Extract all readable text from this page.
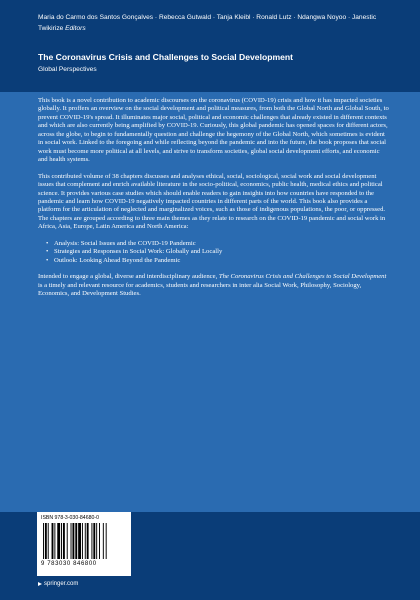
Maria do Carmo dos Santos Gonçalves · Rebecca Gutwald · Tanja Kleibl · Ronald Lutz · Ndangwa Noyoo · Janestic Twikirize Editors
The Coronavirus Crisis and Challenges to Social Development
Global Perspectives

This book is a novel contribution to academic discourses on the coronavirus (COVID-19) crisis and how it has impacted societies globally. It proffers an overview on the social development and political measures, from both the Global North and Global South, to prevent COVID-19's spread. It illuminates major social, political and economic challenges that already existed in different contexts and which are also currently being amplified by COVID-19. Curiously, this global pandemic has opened spaces for different actors, across the globe, to begin to fundamentally question and challenge the hegemony of the Global North, which sometimes is evident in social work. Linked to the foregoing and while reflecting beyond the pandemic and into the future, the book proposes that social work must become more political at all levels, and strive to transform societies, global social development efforts, and economic and health systems.

This contributed volume of 38 chapters discusses and analyses ethical, social, sociological, social work and social development issues that complement and enrich available literature in the socio-political, economics, public health, medical ethics and political science. It provides various case studies which should enable readers to gain insights into how countries have responded to the pandemic and learn how COVID-19 negatively impacted countries in different parts of the world. This book also provides a platform for the articulation of neglected and marginalized voices, such as those of indigenous populations, the poor, or oppressed. The chapters are grouped according to three main themes as they relate to research on the COVID-19 pandemic and social work in Africa, Asia, Europe, Latin America and North America:

• Analysis: Social Issues and the COVID-19 Pandemic
• Strategies and Responses in Social Work: Globally and Locally
• Outlook: Looking Ahead Beyond the Pandemic

Intended to engage a global, diverse and interdisciplinary audience, The Coronavirus Crisis and Challenges to Social Development is a timely and relevant resource for academics, students and researchers in inter alia Social Work, Philosophy, Sociology, Economics, and Development Studies.

ISBN 978-3-030-84680-0
9 783030 846800
springer.com
